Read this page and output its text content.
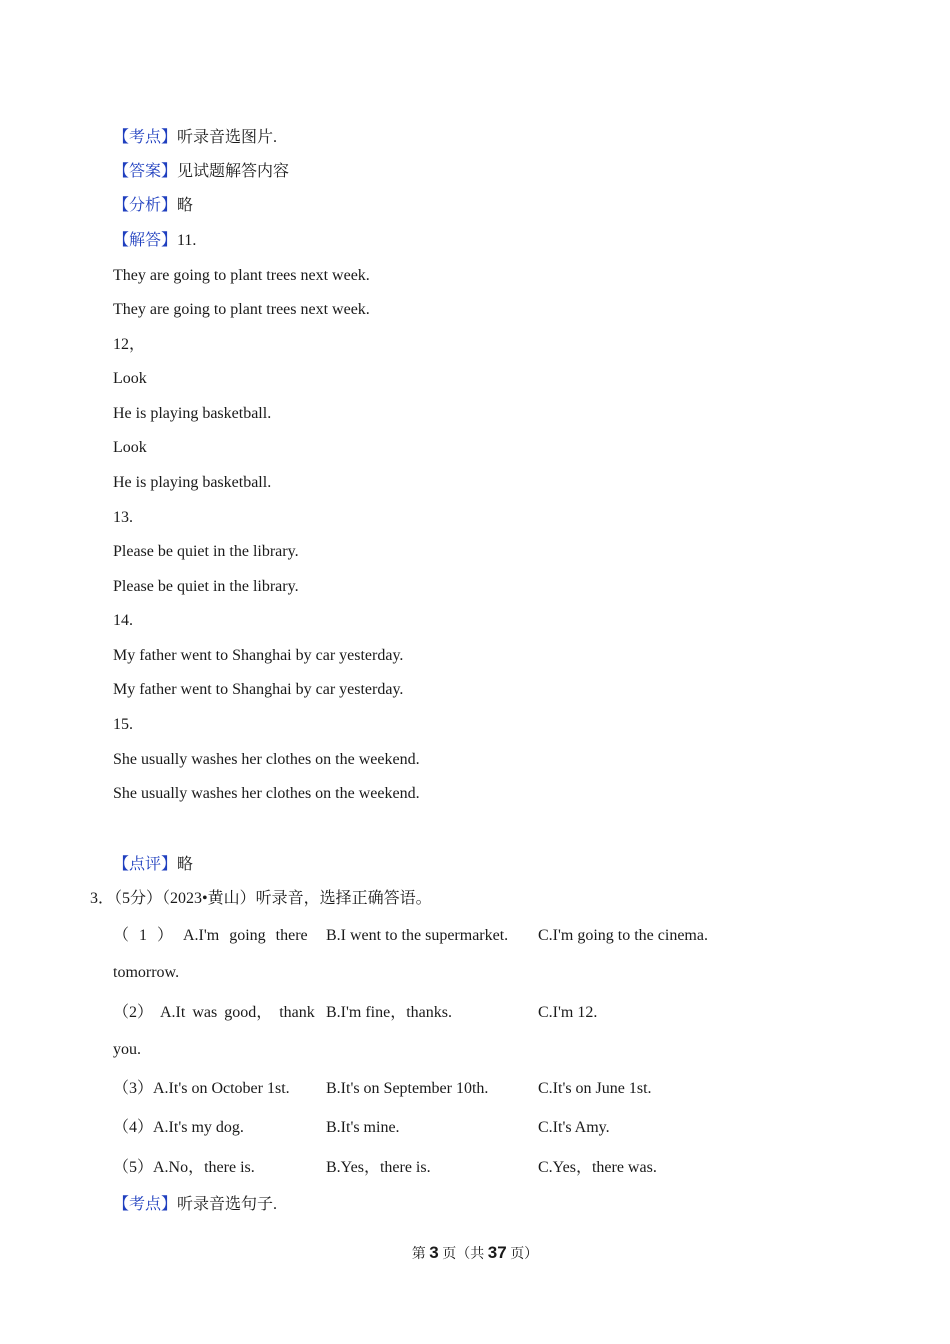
【考点】听录音选图片.
【答案】见试题解答内容
【分析】略
【解答】11.
They are going to plant trees next week.
They are going to plant trees next week.
12，
Look
He is playing basketball.
Look
He is playing basketball.
13.
Please be quiet in the library.
Please be quiet in the library.
14.
My father went to Shanghai by car yesterday.
My father went to Shanghai by car yesterday.
15.
She usually washes her clothes on the weekend.
She usually washes her clothes on the weekend.
【点评】略
3．（5分）（2023•黄山）听录音，选择正确答语。
（ 1 ） A.I'm going there B.I went to the supermarket. C.I'm going to the cinema.
tomorrow.
（2） A.It was good， thank B.I'm fine，thanks.	C.I'm 12.
you.
（3）A.It's on October 1st. B.It's on September 10th.	C.It's on June 1st.
（4）A.It's my dog.	B.It's mine.	C.It's Amy.
（5）A.No，there is.	B.Yes，there is.	C.Yes，there was.
【考点】听录音选句子.
第 3 页（共 37 页）
